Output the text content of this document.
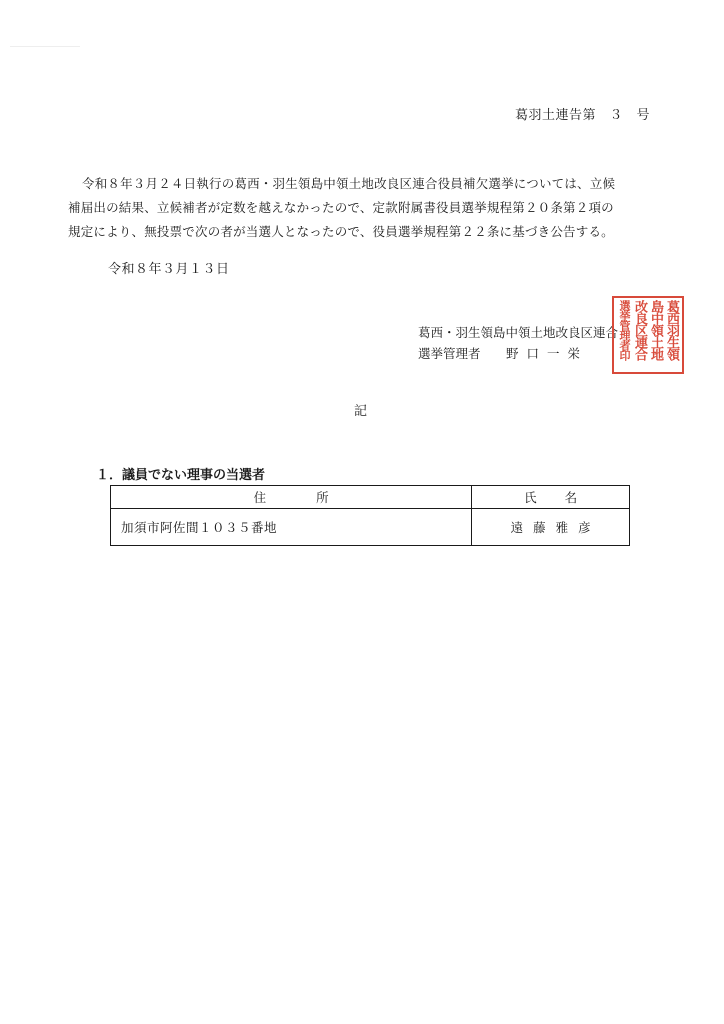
葛羽土連告第　３　号
令和８年３月２４日執行の葛西・羽生領島中領土地改良区連合役員補欠選挙については、立候
補届出の結果、立候補者が定数を越えなかったので、定款附属書役員選挙規程第２０条第２項の
規定により、無投票で次の者が当選人となったので、役員選挙規程第２２条に基づき公告する。
令和８年３月１３日
葛西・羽生領島中領土地改良区連合
選挙管理者 野口一栄	葛西羽生領
島中領土地
改良区連合
選挙管理者印
記
１．議員でない理事の当選者
住所	氏名
加須市阿佐間１０３５番地	遠藤雅彦
